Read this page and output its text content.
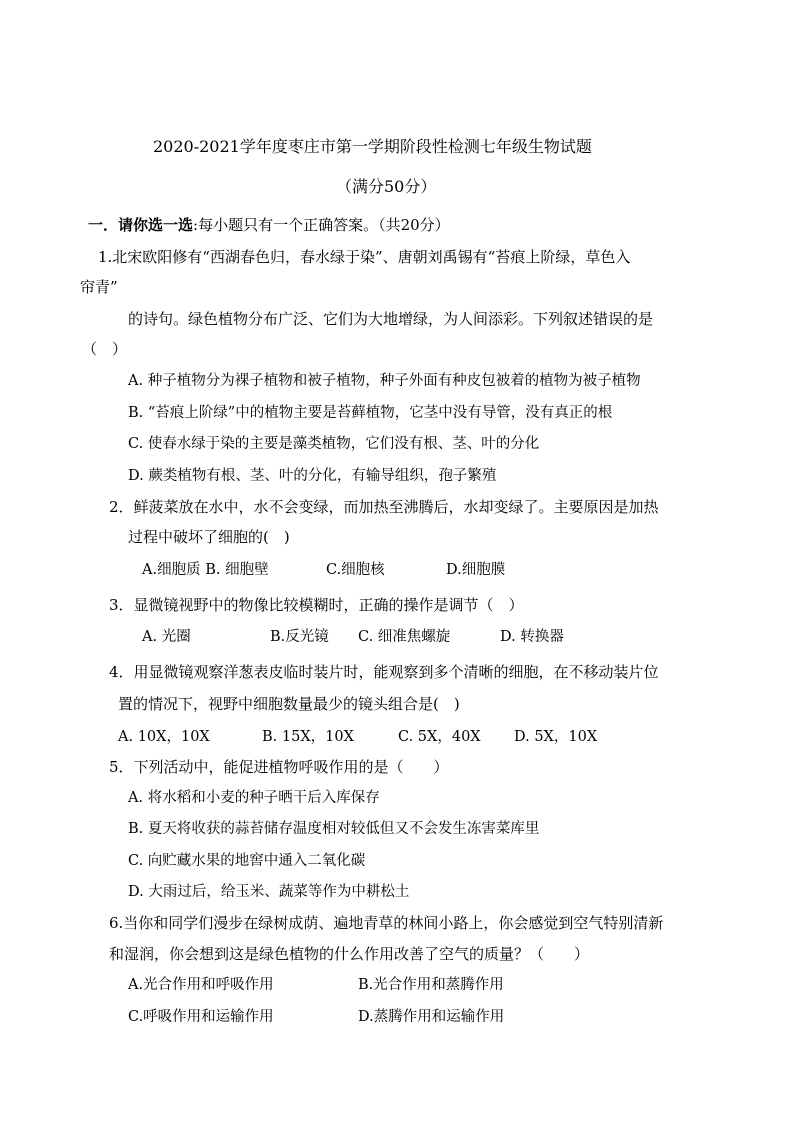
2020-2021学年度枣庄市第一学期阶段性检测七年级生物试题
（满分50分）
一．请你选一选:每小题只有一个正确答案。（共20分）
1.北宋欧阳修有“西湖春色归，春水绿于染”、唐朝刘禹锡有“苔痕上阶绿，草色入
帘青”
的诗句。绿色植物分布广泛、它们为大地增绿，为人间添彩。下列叙述错误的是
（　）
A. 种子植物分为裸子植物和被子植物，种子外面有种皮包被着的植物为被子植物
B. “苔痕上阶绿”中的植物主要是苔藓植物，它茎中没有导管，没有真正的根
C. 使春水绿于染的主要是藻类植物，它们没有根、茎、叶的分化
D. 蕨类植物有根、茎、叶的分化，有输导组织，孢子繁殖
2．鲜菠菜放在水中，水不会变绿，而加热至沸腾后，水却变绿了。主要原因是加热
过程中破坏了细胞的(　)
A.细胞质 B. 细胞壁	C.细胞核	D.细胞膜
3．显微镜视野中的物像比较模糊时，正确的操作是调节（　）
A. 光圈	B.反光镜 C. 细准焦螺旋	D. 转换器
4．用显微镜观察洋葱表皮临时装片时，能观察到多个清晰的细胞，在不移动装片位
置的情况下，视野中细胞数量最少的镜头组合是(　)
A. 10X，10X	B. 15X，10X	C. 5X，40X D. 5X，10X
5．下列活动中，能促进植物呼吸作用的是（　　）
A. 将水稻和小麦的种子晒干后入库保存
B. 夏天将收获的蒜苔储存温度相对较低但又不会发生冻害菜库里
C. 向贮藏水果的地窖中通入二氧化碳
D. 大雨过后，给玉米、蔬菜等作为中耕松土
6.当你和同学们漫步在绿树成荫、遍地青草的林间小路上，你会感觉到空气特别清新
和湿润，你会想到这是绿色植物的什么作用改善了空气的质量？（　　）
A.光合作用和呼吸作用	B.光合作用和蒸腾作用
C.呼吸作用和运输作用	D.蒸腾作用和运输作用
